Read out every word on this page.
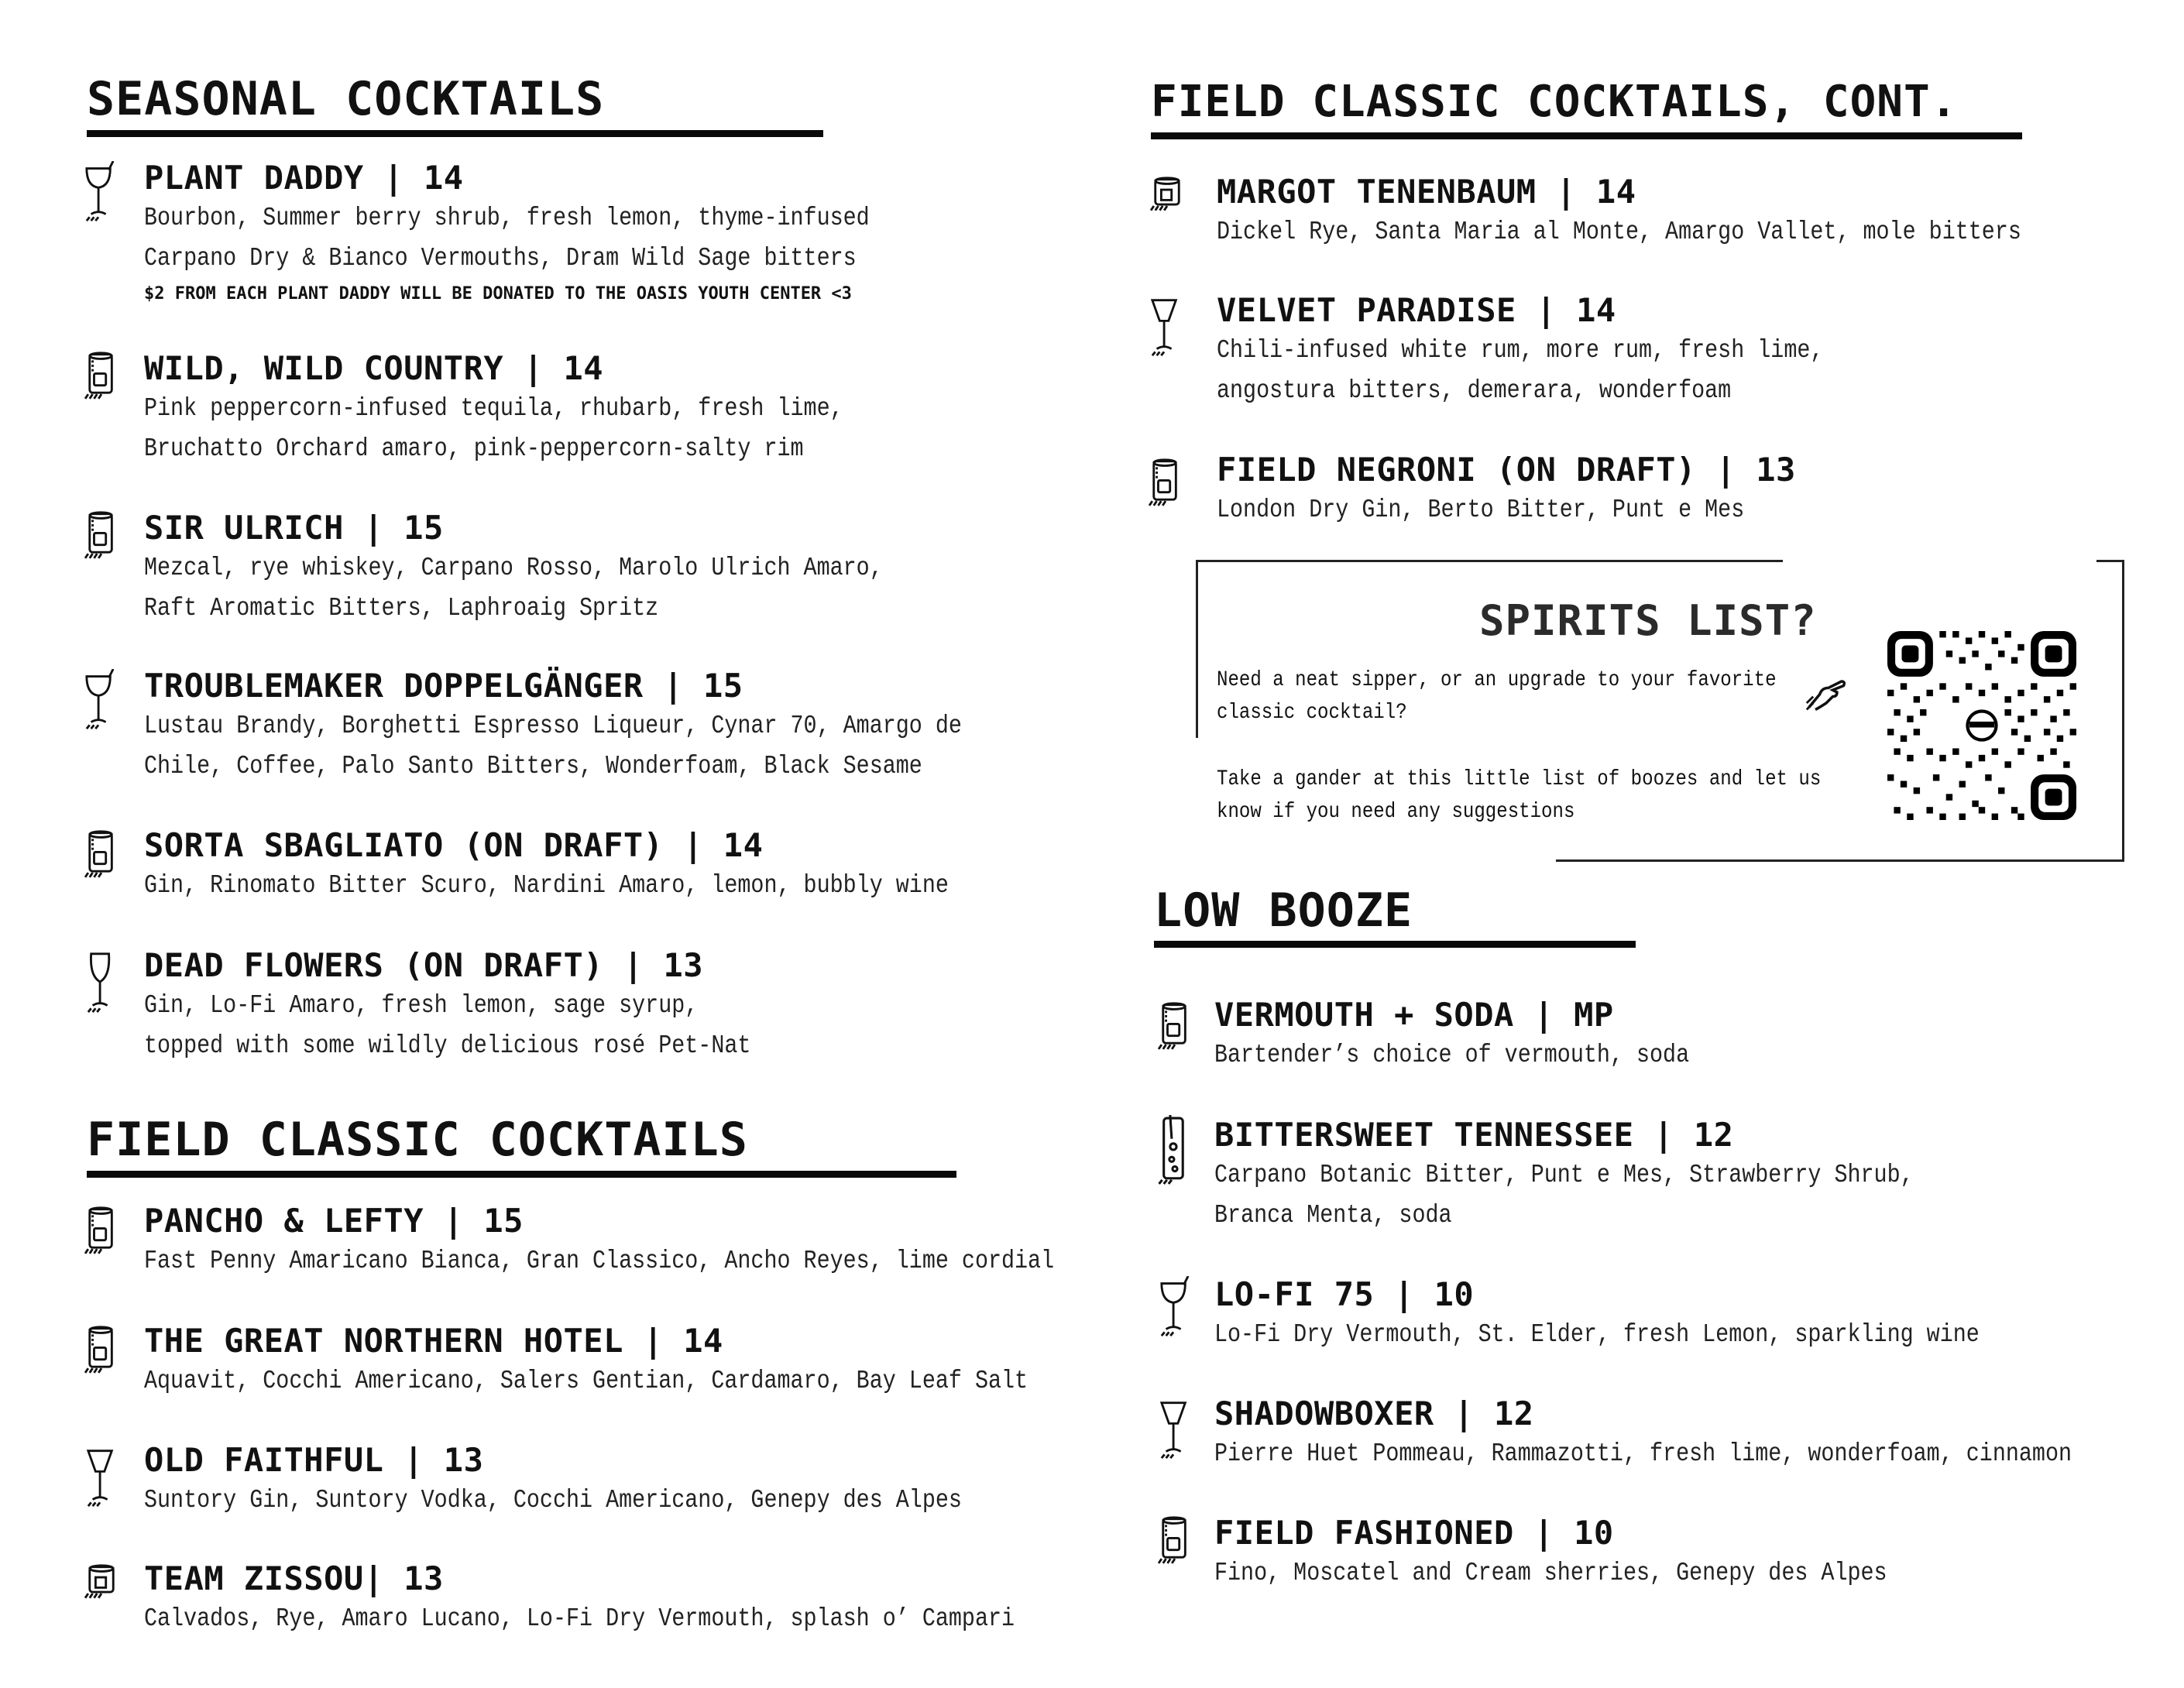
SEASONAL COCKTAILS
PLANT DADDY | 14
Bourbon, Summer berry shrub, fresh lemon, thyme-infused
Carpano Dry & Bianco Vermouths, Dram Wild Sage bitters
$2 FROM EACH PLANT DADDY WILL BE DONATED TO THE OASIS YOUTH CENTER <3
WILD, WILD COUNTRY | 14
Pink peppercorn-infused tequila, rhubarb, fresh lime,
Bruchatto Orchard amaro, pink-peppercorn-salty rim
SIR ULRICH | 15
Mezcal, rye whiskey, Carpano Rosso, Marolo Ulrich Amaro,
Raft Aromatic Bitters, Laphroaig Spritz
TROUBLEMAKER DOPPELGÄNGER | 15
Lustau Brandy, Borghetti Espresso Liqueur, Cynar 70, Amargo de
Chile, Coffee, Palo Santo Bitters, Wonderfoam, Black Sesame
SORTA SBAGLIATO (ON DRAFT) | 14
Gin, Rinomato Bitter Scuro, Nardini Amaro, lemon, bubbly wine
DEAD FLOWERS (ON DRAFT) | 13
Gin, Lo-Fi Amaro, fresh lemon, sage syrup,
topped with some wildly delicious rosé Pet-Nat
FIELD CLASSIC COCKTAILS
PANCHO & LEFTY | 15
Fast Penny Amaricano Bianca, Gran Classico, Ancho Reyes, lime cordial
THE GREAT NORTHERN HOTEL | 14
Aquavit, Cocchi Americano, Salers Gentian, Cardamaro, Bay Leaf Salt
OLD FAITHFUL | 13
Suntory Gin, Suntory Vodka, Cocchi Americano, Genepy des Alpes
TEAM ZISSOU| 13
Calvados, Rye, Amaro Lucano, Lo-Fi Dry Vermouth, splash o’ Campari
FIELD CLASSIC COCKTAILS, CONT.
MARGOT TENENBAUM | 14
Dickel Rye, Santa Maria al Monte, Amargo Vallet, mole bitters
VELVET PARADISE | 14
Chili-infused white rum, more rum, fresh lime,
angostura bitters, demerara, wonderfoam
FIELD NEGRONI (ON DRAFT) | 13
London Dry Gin, Berto Bitter, Punt e Mes
SPIRITS LIST?
Need a neat sipper, or an upgrade to your favorite
classic cocktail?
Take a gander at this little list of boozes and let us
know if you need any suggestions
LOW BOOZE
VERMOUTH + SODA | MP
Bartender’s choice of vermouth, soda
BITTERSWEET TENNESSEE | 12
Carpano Botanic Bitter, Punt e Mes, Strawberry Shrub,
Branca Menta, soda
LO-FI 75 | 10
Lo-Fi Dry Vermouth, St. Elder, fresh Lemon, sparkling wine
SHADOWBOXER | 12
Pierre Huet Pommeau, Rammazotti, fresh lime, wonderfoam, cinnamon
FIELD FASHIONED | 10
Fino, Moscatel and Cream sherries, Genepy des Alpes
